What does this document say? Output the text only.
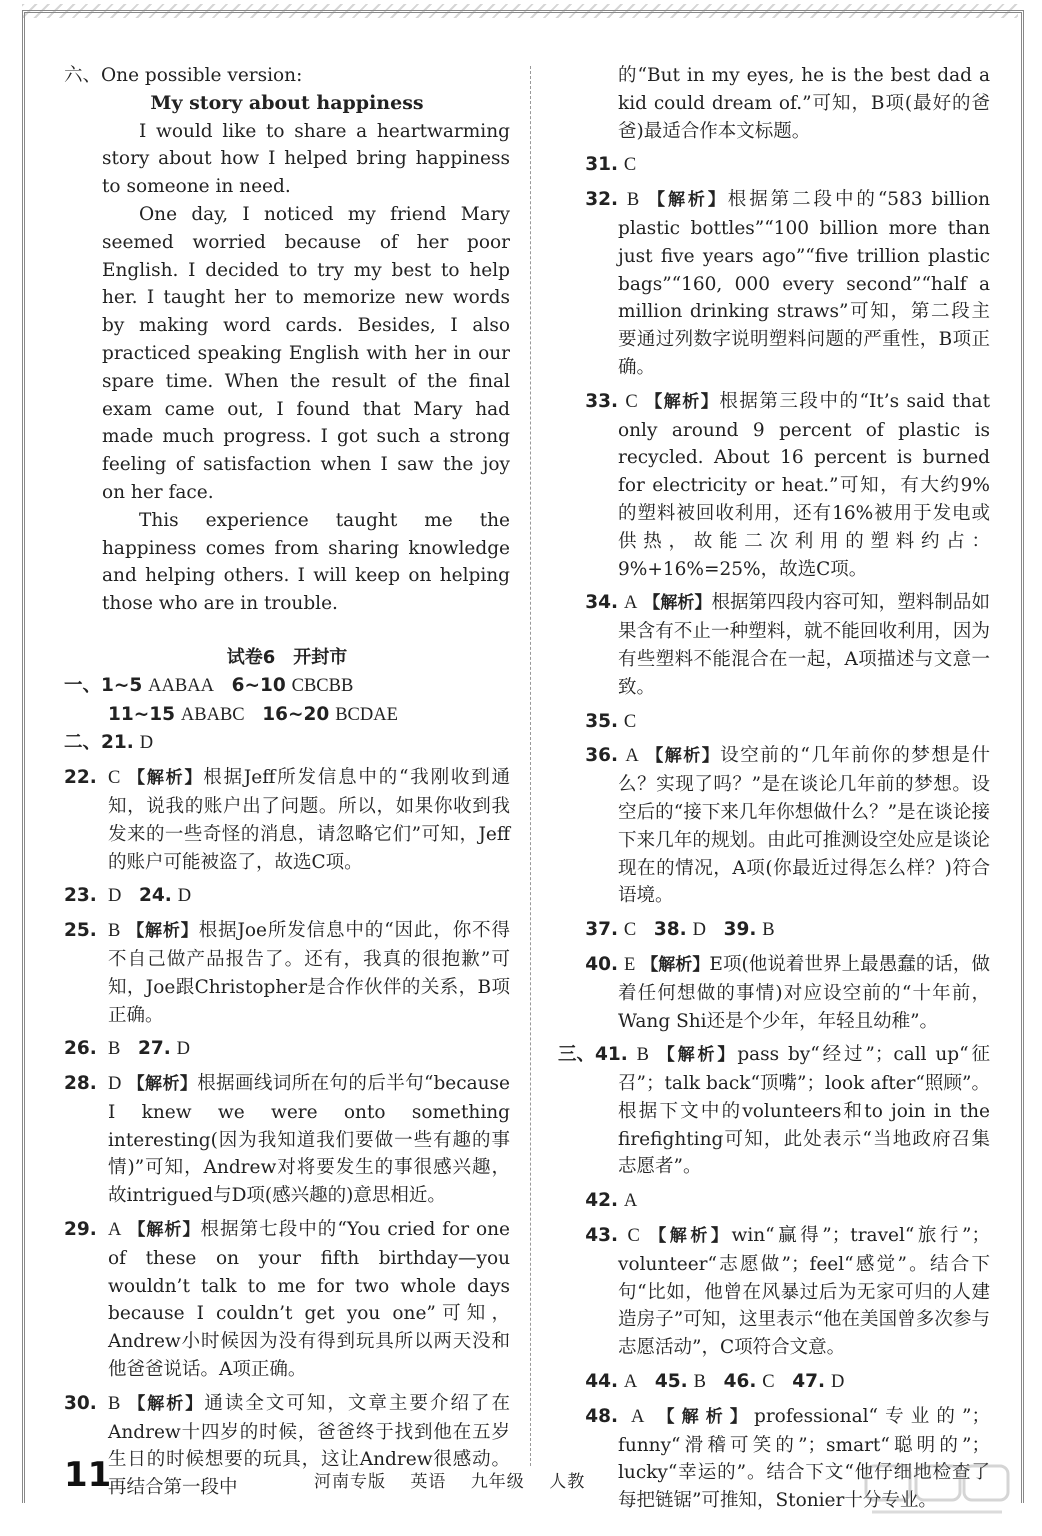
六、One possible version:

My story about happiness

I would like to share a heartwarming story about how I helped bring happiness to someone in need.

One day, I noticed my friend Mary seemed worried because of her poor English. I decided to try my best to help her. I taught her to memorize new words by making word cards. Besides, I also practiced speaking English with her in our spare time. When the result of the final exam came out, I found that Mary had made much progress. I got such a strong feeling of satisfaction when I saw the joy on her face.

This experience taught me the happiness comes from sharing knowledge and helping others. I will keep on helping those who are in trouble.

试卷6　开封市

一、1~5 AABAA 6~10 CBCBB

11~15 ABABC 16~20 BCDAE

二、21. D

22. C 【解析】根据Jeff所发信息中的“我刚收到通知，说我的账户出了问题。所以，如果你收到我发来的一些奇怪的消息，请忽略它们”可知，Jeff的账户可能被盗了，故选C项。

23. D 24. D

25. B 【解析】根据Joe所发信息中的“因此，你不得不自己做产品报告了。还有，我真的很抱歉”可知，Joe跟Christopher是合作伙伴的关系，B项正确。

26. B 27. D

28. D 【解析】根据画线词所在句的后半句“because I knew we were onto something interesting(因为我知道我们要做一些有趣的事情)”可知，Andrew对将要发生的事很感兴趣，故intrigued与D项(感兴趣的)意思相近。

29. A 【解析】根据第七段中的“You cried for one of these on your fifth birthday—you wouldn’t talk to me for two whole days because I couldn’t get you one”可知，Andrew小时候因为没有得到玩具所以两天没和他爸爸说话。A项正确。

30. B 【解析】通读全文可知，文章主要介绍了在Andrew十四岁的时候，爸爸终于找到他在五岁生日的时候想要的玩具，这让Andrew很感动。再结合第一段中

的“But in my eyes, he is the best dad a kid could dream of.”可知，B项(最好的爸爸)最适合作本文标题。

31. C

32. B 【解析】根据第二段中的“583 billion plastic bottles”“100 billion more than just five years ago”“five trillion plastic bags”“160, 000 every second”“half a million drinking straws”可知，第二段主要通过列数字说明塑料问题的严重性，B项正确。

33. C 【解析】根据第三段中的“It’s said that only around 9 percent of plastic is recycled. About 16 percent is burned for electricity or heat.”可知，有大约9%的塑料被回收利用，还有16%被用于发电或供热，故能二次利用的塑料约占：9%+16%=25%，故选C项。

34. A 【解析】根据第四段内容可知，塑料制品如果含有不止一种塑料，就不能回收利用，因为有些塑料不能混合在一起，A项描述与文意一致。

35. C

36. A 【解析】设空前的“几年前你的梦想是什么？实现了吗？”是在谈论几年前的梦想。设空后的“接下来几年你想做什么？”是在谈论接下来几年的规划。由此可推测设空处应是谈论现在的情况，A项(你最近过得怎么样？)符合语境。

37. C 38. D 39. B

40. E 【解析】E项(他说着世界上最愚蠢的话，做着任何想做的事情)对应设空前的“十年前，Wang Shi还是个少年，年轻且幼稚”。

三、41. B 【解析】pass by“经过”；call up“征召”；talk back“顶嘴”；look after“照顾”。根据下文中的volunteers和to join in the firefighting可知，此处表示“当地政府召集志愿者”。

42. A

43. C 【解析】win“赢得”；travel“旅行”；volunteer“志愿做”；feel“感觉”。结合下句“比如，他曾在风暴过后为无家可归的人建造房子”可知，这里表示“他在美国曾多次参与志愿活动”，C项符合文意。

44. A 45. B 46. C 47. D

48. A 【解析】professional“专业的”；funny“滑稽可笑的”；smart“聪明的”；lucky“幸运的”。结合下文“他仔细地检查了每把链锯”可推知，Stonier十分专业。

11	河南专版 英语 九年级 人教
